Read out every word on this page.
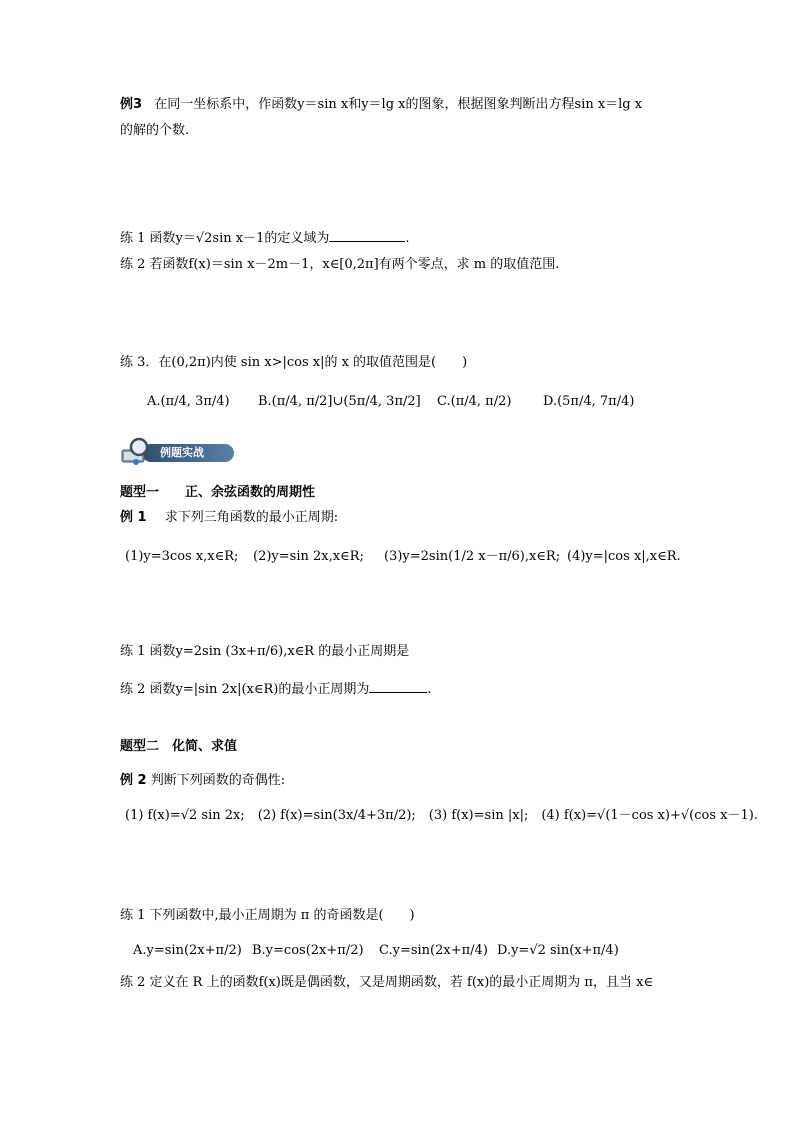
例3 在同一坐标系中，作函数y＝sin x和y＝lg x的图象，根据图象判断出方程sin x＝lg x
的解的个数.
练 1 函数y＝√2sin x－1的定义域为	.
练 2 若函数f(x)＝sin x－2m－1，x∈[0,2π]有两个零点，求 m 的取值范围.
练 3．在(0,2π)内使 sin x>|cos x|的 x 的取值范围是(　　)
A.(π/4, 3π/4) B.(π/4, π/2]∪(5π/4, 3π/2] C.(π/4, π/2) D.(5π/4, 7π/4)
例题实战
题型一　　正、余弦函数的周期性
例 1 求下列三角函数的最小正周期:
(1)y=3cos x,x∈R; (2)y=sin 2x,x∈R; (3)y=2sin(1/2 x－π/6),x∈R; (4)y=|cos x|,x∈R.
练 1 函数y=2sin (3x+π/6),x∈R 的最小正周期是
练 2 函数y=|sin 2x|(x∈R)的最小正周期为	.
题型二　化简、求值
例 2 判断下列函数的奇偶性:
(1) f(x)=√2 sin 2x;　(2) f(x)=sin(3x/4+3π/2);　(3) f(x)=sin |x|;　(4) f(x)=√(1－cos x)+√(cos x－1).
练 1 下列函数中,最小正周期为 π 的奇函数是(　　)
A.y=sin(2x+π/2) B.y=cos(2x+π/2) C.y=sin(2x+π/4) D.y=√2 sin(x+π/4)
练 2 定义在 R 上的函数f(x)既是偶函数，又是周期函数，若 f(x)的最小正周期为 π，且当 x∈
